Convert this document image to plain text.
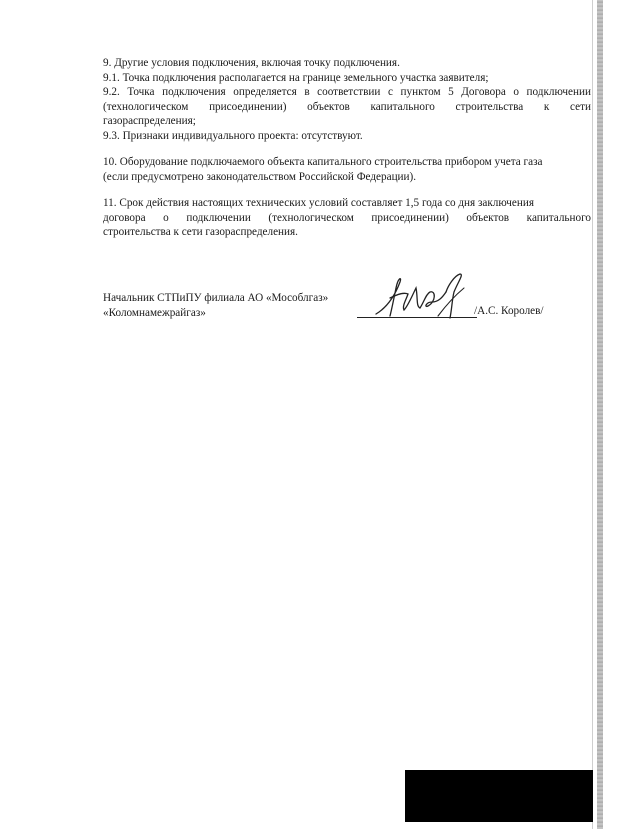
9. Другие условия подключения, включая точку подключения.
9.1. Точка подключения располагается на границе земельного участка заявителя;
9.2. Точка подключения определяется в соответствии с пунктом 5 Договора о подключении
(технологическом присоединении) объектов капитального строительства к сети
газораспределения;
9.3. Признаки индивидуального проекта: отсутствуют.
10. Оборудование подключаемого объекта капитального строительства прибором учета газа
(если предусмотрено законодательством Российской Федерации).
11. Срок действия настоящих технических условий составляет 1,5 года со дня заключения
договора о подключении (технологическом присоединении) объектов капитального
строительства к сети газораспределения.
Начальник СТПиПУ филиала АО «Мособлгаз»
«Коломнамежрайгаз»	/А.С. Королев/
